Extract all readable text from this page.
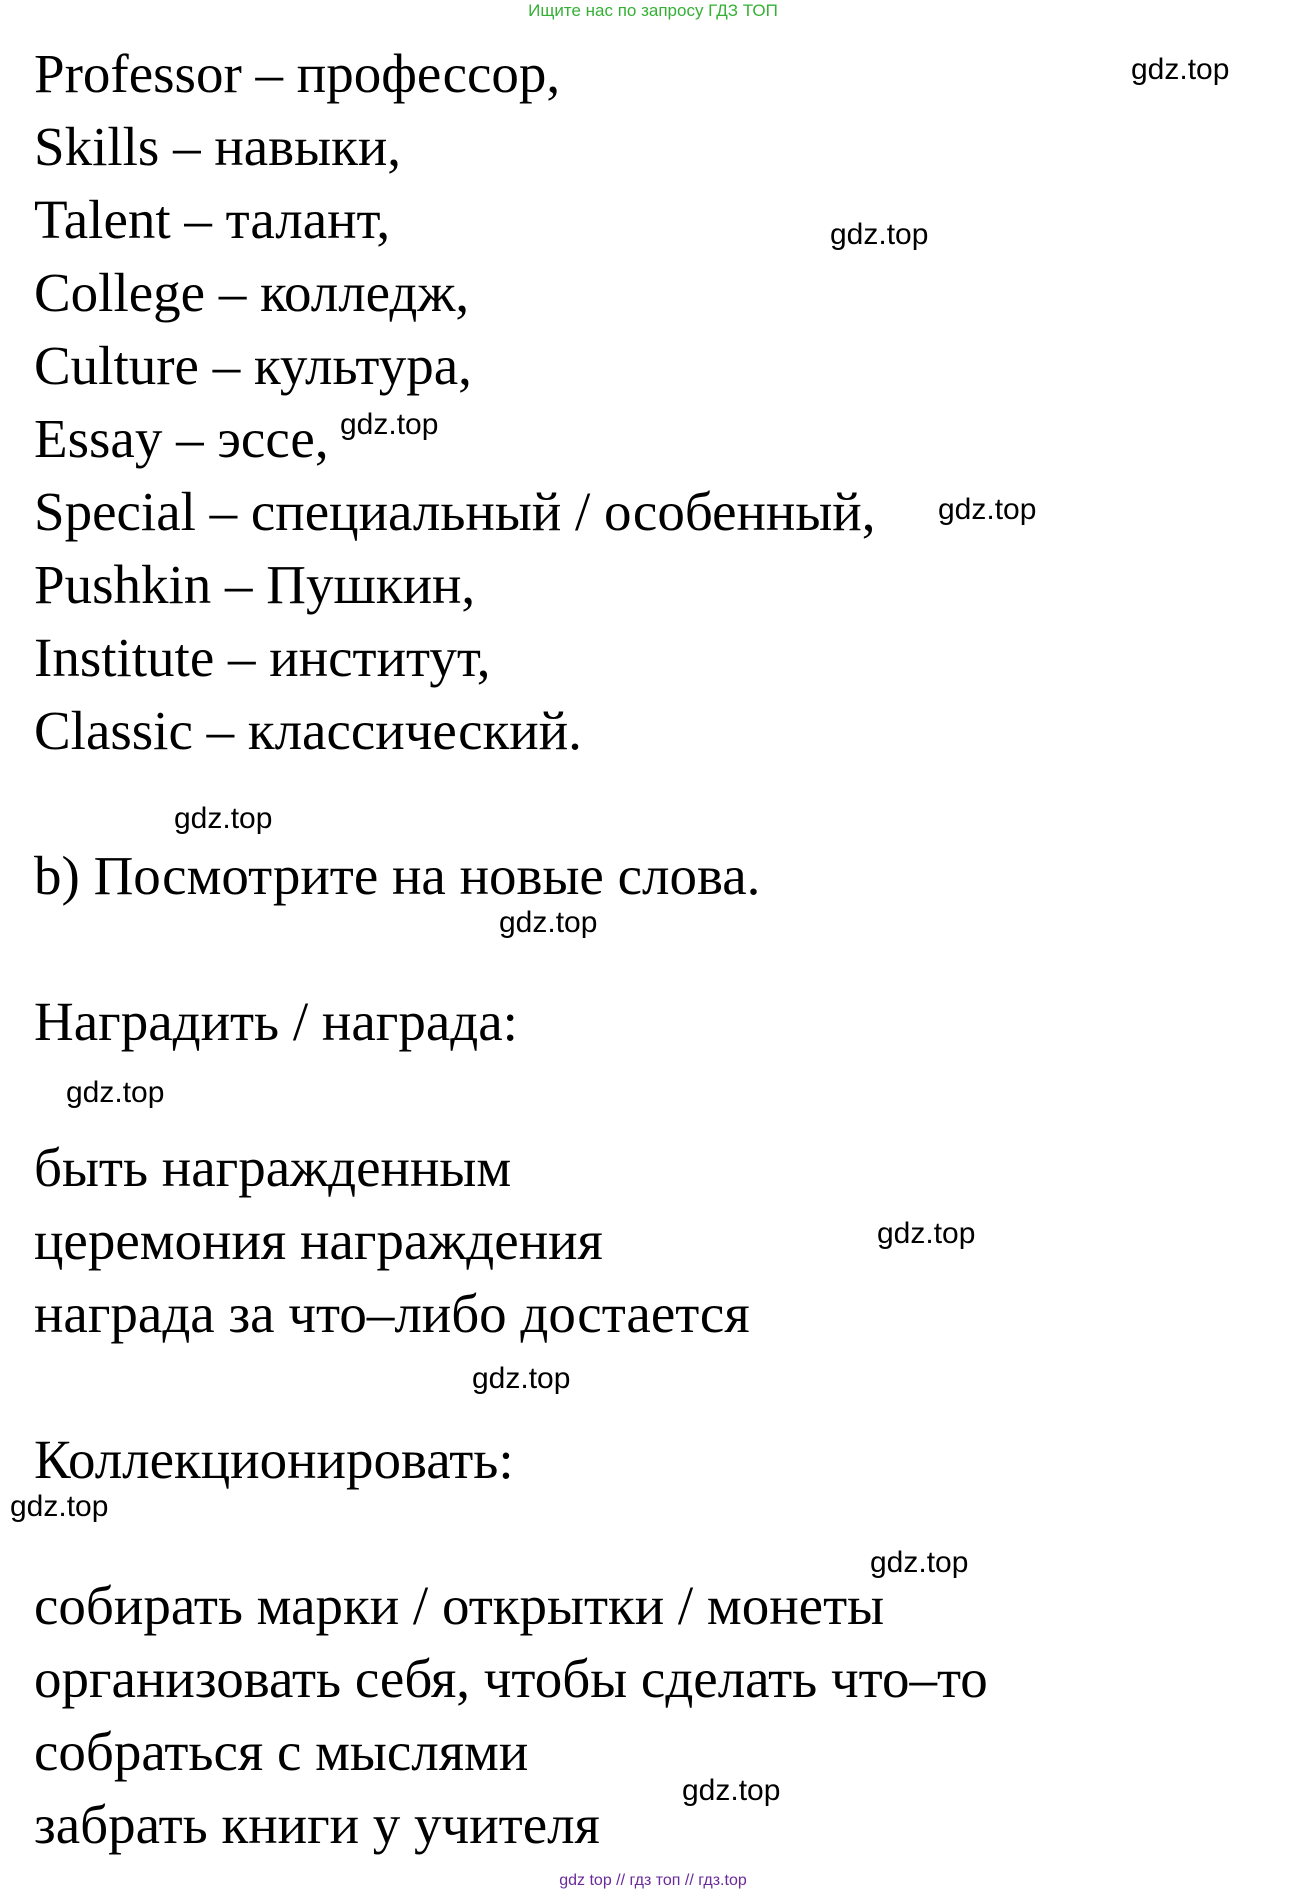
Ищите нас по запросу ГДЗ ТОП
Professor – профессор,
Skills – навыки,
Talent – талант,
College – колледж,
Culture – культура,
Essay – эссе,
Special – специальный / особенный,
Pushkin – Пушкин,
Institute – институт,
Classic – классический.
b) Посмотрите на новые слова.
Наградить / награда:
быть награжденным
церемония награждения
награда за что–либо достается
Коллекционировать:
собирать марки / открытки / монеты
организовать себя, чтобы сделать что–то
собраться с мыслями
забрать книги у учителя
gdz.top
gdz.top
gdz.top
gdz.top
gdz.top
gdz.top
gdz.top
gdz.top
gdz.top
gdz.top
gdz.top
gdz.top
gdz top // гдз топ // гдз.top
